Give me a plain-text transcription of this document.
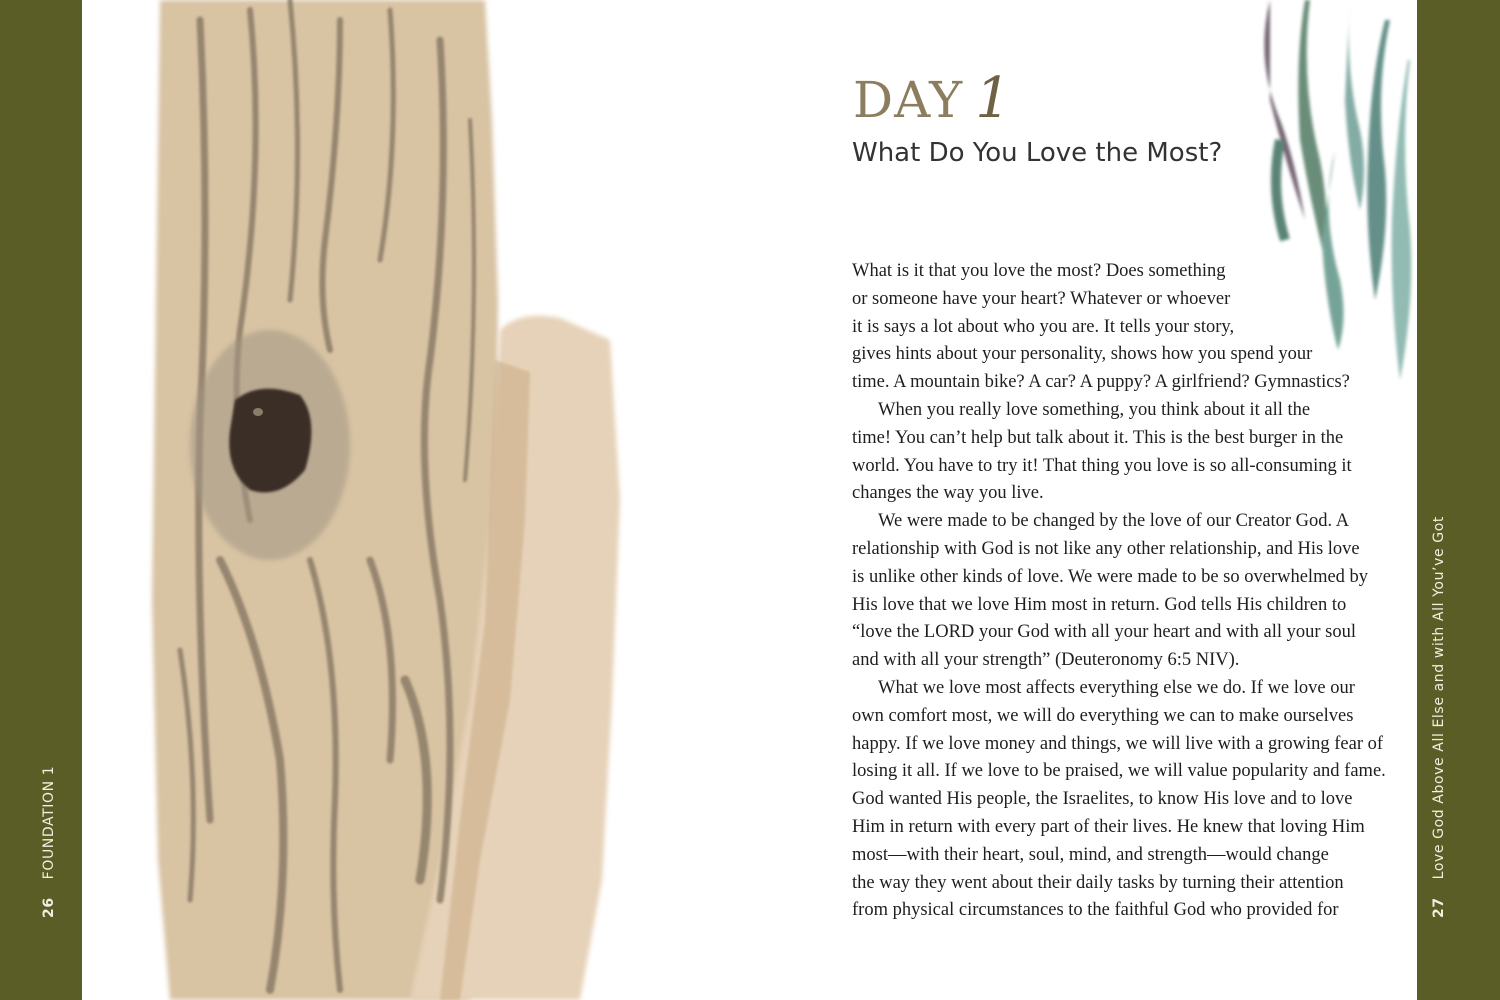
26FOUNDATION 1
27Love God Above All Else and with All You’ve Got
DAY 1
What Do You Love the Most?
What is it that you love the most? Does something
or someone have your heart? Whatever or whoever
it is says a lot about who you are. It tells your story,
gives hints about your personality, shows how you spend your
time. A mountain bike? A car? A puppy? A girlfriend? Gymnastics?
When you really love something, you think about it all the
time! You can’t help but talk about it. This is the best burger in the
world. You have to try it! That thing you love is so all-consuming it
changes the way you live.
We were made to be changed by the love of our Creator God. A
relationship with God is not like any other relationship, and His love
is unlike other kinds of love. We were made to be so overwhelmed by
His love that we love Him most in return. God tells His children to
“love the LORD your God with all your heart and with all your soul
and with all your strength” (Deuteronomy 6:5 NIV).
What we love most affects everything else we do. If we love our
own comfort most, we will do everything we can to make ourselves
happy. If we love money and things, we will live with a growing fear of
losing it all. If we love to be praised, we will value popularity and fame.
God wanted His people, the Israelites, to know His love and to love
Him in return with every part of their lives. He knew that loving Him
most—with their heart, soul, mind, and strength—would change
the way they went about their daily tasks by turning their attention
from physical circumstances to the faithful God who provided for
